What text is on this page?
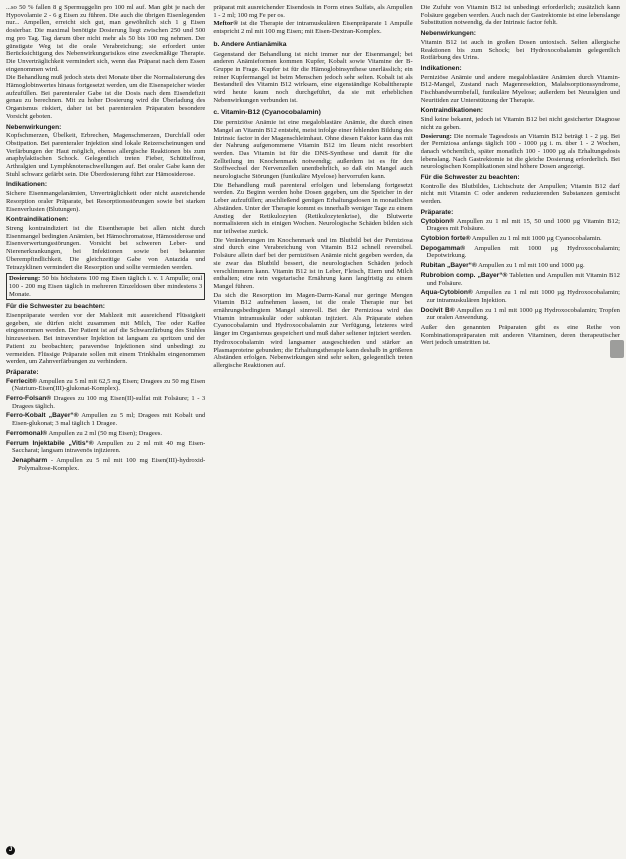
...so 50 % fallen 8 g Spermuggelin pro 100 ml auf. Man gibt je nach der Hypovolamie 2 - 6 g Eisen zu führen. Die auch die übrigen Eisenlegenden nur... Ampellen, erreicht sich gut, man gewöhnlich sich 1 g Eisen dosierbar. Die maximal benötigte Dosierung liegt zwischen 250 und 500 mg pro Tag. Tag darum über nicht mehr als 50 bis 100 mg nehmen. Der günstigste Weg ist die orale Verabreichung; sie erfordert unter Berücksichtigung des Nebenwirkungsrisikos eine zweckmäßige Therapie. Die Unverträglichkeit vermindert sich, wenn das Präparat nach dem Essen eingenommen wird.

Die Behandlung muß jedoch stets drei Monate über die Normalisierung des Hämoglobinwertes hinaus fortgesetzt werden, um die Eisenspeicher wieder aufzufüllen. Bei parenteraler Gabe ist die Dosis nach dem Eisendefizit genau zu berechnen. Mit zu hoher Dosierung wird die Überladung des Organismus riskiert, daher ist bei parenteralen Präparaten besondere Vorsicht geboten.

Nebenwirkungen:

Kopfschmerzen, Übelkeit, Erbrechen, Magenschmerzen, Durchfall oder Obstipation. Bei parenteraler Injektion sind lokale Reizerscheinungen und Verfärbungen der Haut möglich, ebenso allergische Reaktionen bis zum anaphylaktischen Schock. Gelegentlich treten Fieber, Schüttelfrost, Arthralgien und Lymphknotenschwellungen auf. Bei oraler Gabe kann der Stuhl schwarz gefärbt sein. Die Überdosierung führt zur Hämosiderose.

Indikationen:

Sichere Eisenmangelanämien, Unverträglichkeit oder nicht ausreichende Resorption oraler Präparate, bei Resorptionsstörungen sowie bei starken Eisenverlusten (Blutungen).

Kontraindikationen:

Streng kontraindiziert ist die Eisentherapie bei allen nicht durch Eisenmangel bedingten Anämien, bei Hämochromatose, Hämosiderose und Eisenverwertungsstörungen. Vorsicht bei schweren Leber- und Nierenerkrankungen, bei Infektionen sowie bei bekannter Überempfindlichkeit. Die gleichzeitige Gabe von Antazida und Tetrazyklinen vermindert die Resorption und sollte vermieden werden.

Dosierung: 50 bis höchstens 100 mg Eisen täglich i. v. 1 Ampulle; oral 100 - 200 mg Eisen täglich in mehreren Einzeldosen über mindestens 3 Monate.
Für die Schwester zu beachten:

Eisenpräparate werden vor der Mahlzeit mit ausreichend Flüssigkeit gegeben, sie dürfen nicht zusammen mit Milch, Tee oder Kaffee eingenommen werden. Der Patient ist auf die Schwarzfärbung des Stuhles hinzuweisen. Bei intravenöser Injektion ist langsam zu spritzen und der Patient zu beobachten; paravenöse Injektionen sind unbedingt zu vermeiden. Flüssige Präparate sollen mit einem Trinkhalm eingenommen werden, um Zahnverfärbungen zu verhindern.

Präparate:
Ferrlecit® Ampullen zu 5 ml mit 62,5 mg Eisen; Dragees zu 50 mg Eisen (Natrium-Eisen(III)-glukonat-Komplex).
Ferro-Folsan® Dragees zu 100 mg Eisen(II)-sulfat mit Folsäure; 1 - 3 Dragees täglich.
Ferro-Kobalt „Bayer“® Ampullen zu 5 ml; Dragees mit Kobalt und Eisen-glukonat; 3 mal täglich 1 Dragee.
Ferromonal® Ampullen zu 2 ml (50 mg Eisen); Dragees.
Ferrum Injektabile „Vitis“® Ampullen zu 2 ml mit 40 mg Eisen-Saccharat; langsam intravenös injizieren.
Jenapharm - Ampullen zu 5 ml mit 100 mg Eisen(III)-hydroxid-Polymaltose-Komplex.

präparat mit ausreichender Eisendosis in Form eines Sulfats, als Ampullen 1 - 2 ml; 100 mg Fe per os.

Meftor® ist die Therapie der intramuskulären Eisenpräparate 1 Ampulle entspricht 2 ml mit 100 mg Eisen; mit Eisen-Dextran-Komplex.

b. Andere Antianämika

Gegenstand der Behandlung ist nicht immer nur der Eisenmangel; bei anderen Anämieformen kommen Kupfer, Kobalt sowie Vitamine der B-Gruppe in Frage. Kupfer ist für die Hämoglobinsynthese unerlässlich; ein reiner Kupfermangel ist beim Menschen jedoch sehr selten. Kobalt ist als Bestandteil des Vitamin B12 wirksam, eine eigenständige Kobalttherapie wird heute kaum noch durchgeführt, da sie mit erheblichen Nebenwirkungen verbunden ist.

c. Vitamin-B12 (Cyanocobalamin)

Die perniziöse Anämie ist eine megaloblastäre Anämie, die durch einen Mangel an Vitamin B12 entsteht, meist infolge einer fehlenden Bildung des Intrinsic factor in der Magenschleimhaut. Ohne diesen Faktor kann das mit der Nahrung aufgenommene Vitamin B12 im Ileum nicht resorbiert werden. Das Vitamin ist für die DNS-Synthese und damit für die Zellteilung im Knochenmark notwendig; außerdem ist es für den Stoffwechsel der Nervenzellen unentbehrlich, so daß ein Mangel auch neurologische Störungen (funikuläre Myelose) hervorrufen kann.

Die Behandlung muß parenteral erfolgen und lebenslang fortgesetzt werden. Zu Beginn werden hohe Dosen gegeben, um die Speicher in der Leber aufzufüllen; anschließend genügen Erhaltungsdosen in monatlichen Abständen. Unter der Therapie kommt es innerhalb weniger Tage zu einem Anstieg der Retikulozyten (Retikulozytenkrise), die Blutwerte normalisieren sich in einigen Wochen. Neurologische Schäden bilden sich nur teilweise zurück.

Die Veränderungen im Knochenmark und im Blutbild bei der Perniziosa sind durch eine Verabreichung von Vitamin B12 schnell reversibel. Folsäure allein darf bei der perniziösen Anämie nicht gegeben werden, da sie zwar das Blutbild bessert, die neurologischen Schäden jedoch verschlimmern kann. Vitamin B12 ist in Leber, Fleisch, Eiern und Milch enthalten; eine rein vegetarische Ernährung kann langfristig zu einem Mangel führen.

Da sich die Resorption im Magen-Darm-Kanal nur geringe Mengen Vitamin B12 aufnehmen lassen, ist die orale Therapie nur bei ernährungsbedingtem Mangel sinnvoll. Bei der Perniziosa wird das Vitamin intramuskulär oder subkutan injiziert. Als Präparate stehen Cyanocobalamin und Hydroxocobalamin zur Verfügung, letzteres wird länger im Organismus gespeichert und muß daher seltener injiziert werden.

Hydroxocobalamin wird langsamer ausgeschieden und stärker an Plasmaproteine gebunden; die Erhaltungstherapie kann deshalb in größeren Abständen erfolgen. Nebenwirkungen sind sehr selten, gelegentlich treten allergische Reaktionen auf.

Die Zufuhr von Vitamin B12 ist unbedingt erforderlich; zusätzlich kann Folsäure gegeben werden. Auch nach der Gastrektomie ist eine lebenslange Substitution notwendig, da der Intrinsic factor fehlt.

Nebenwirkungen:

Vitamin B12 ist auch in großen Dosen untoxisch. Selten allergische Reaktionen bis zum Schock; bei Hydroxocobalamin gelegentlich Rotfärbung des Urins.

Indikationen:

Perniziöse Anämie und andere megaloblastäre Anämien durch Vitamin-B12-Mangel, Zustand nach Magenresektion, Malabsorptionssyndrome, Fischbandwurmbefall, funikuläre Myelose; außerdem bei Neuralgien und Neuritiden zur Unterstützung der Therapie.

Kontraindikationen:

Sind keine bekannt, jedoch ist Vitamin B12 bei nicht gesicherter Diagnose nicht zu geben.

Dosierung: Die normale Tagesdosis an Vitamin B12 beträgt 1 - 2 µg. Bei der Perniziosa anfangs täglich 100 - 1000 µg i. m. über 1 - 2 Wochen, danach wöchentlich, später monatlich 100 - 1000 µg als Erhaltungsdosis lebenslang. Nach Gastrektomie ist die gleiche Dosierung erforderlich. Bei neurologischen Komplikationen sind höhere Dosen angezeigt.

Für die Schwester zu beachten:

Kontrolle des Blutbildes, Lichtschutz der Ampullen; Vitamin B12 darf nicht mit Vitamin C oder anderen reduzierenden Substanzen gemischt werden.

Präparate:
Cytobion® Ampullen zu 1 ml mit 15, 50 und 1000 µg Vitamin B12; Dragees mit Folsäure.
Cytobion forte® Ampullen zu 1 ml mit 1000 µg Cyanocobalamin.
Depogamma® Ampullen mit 1000 µg Hydroxocobalamin; Depotwirkung.
Rubitan „Bayer“® Ampullen zu 1 ml mit 100 und 1000 µg.
Rubrobion comp. „Bayer“® Tabletten und Ampullen mit Vitamin B12 und Folsäure.
Aqua-Cytobion® Ampullen zu 1 ml mit 1000 µg Hydroxocobalamin; zur intramuskulären Injektion.
Docivit B® Ampullen zu 1 ml mit 1000 µg Hydroxocobalamin; Tropfen zur oralen Anwendung.

Außer den genannten Präparaten gibt es eine Reihe von Kombinationspräparaten mit anderen Vitaminen, deren therapeutischer Wert jedoch umstritten ist.

J
